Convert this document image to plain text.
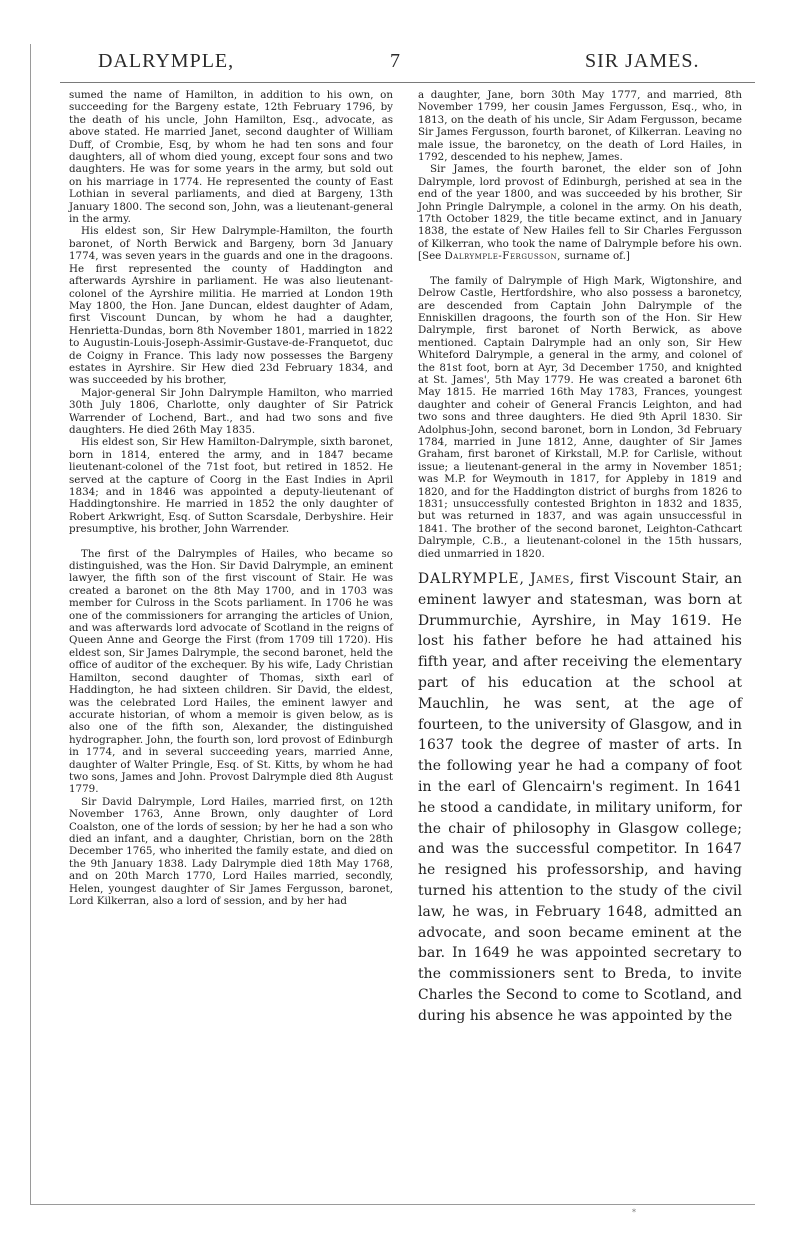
DALRYMPLE,	7	SIR JAMES.

sumed the name of Hamilton, in addition to his own, on succeeding for the Bargeny estate, 12th February 1796, by the death of his uncle, John Hamilton, Esq., advocate, as above stated. He married Janet, second daughter of William Duff, of Crombie, Esq, by whom he had ten sons and four daughters, all of whom died young, except four sons and two daughters. He was for some years in the army, but sold out on his marriage in 1774. He represented the county of East Lothian in several parliaments, and died at Bargeny, 13th January 1800. The second son, John, was a lieutenant-general in the army.

His eldest son, Sir Hew Dalrymple-Hamilton, the fourth baronet, of North Berwick and Bargeny, born 3d January 1774, was seven years in the guards and one in the dragoons. He first represented the county of Haddington and afterwards Ayrshire in parliament. He was also lieutenant-colonel of the Ayrshire militia. He married at London 19th May 1800, the Hon. Jane Duncan, eldest daughter of Adam, first Viscount Duncan, by whom he had a daughter, Henrietta-Dundas, born 8th November 1801, married in 1822 to Augustin-Louis-Joseph-Assimir-Gustave-de-Franquetot, duc de Coigny in France. This lady now possesses the Bargeny estates in Ayrshire. Sir Hew died 23d February 1834, and was succeeded by his brother,

Major-general Sir John Dalrymple Hamilton, who married 30th July 1806, Charlotte, only daughter of Sir Patrick Warrender of Lochend, Bart., and had two sons and five daughters. He died 26th May 1835.

His eldest son, Sir Hew Hamilton-Dalrymple, sixth baronet, born in 1814, entered the army, and in 1847 became lieutenant-colonel of the 71st foot, but retired in 1852. He served at the capture of Coorg in the East Indies in April 1834; and in 1846 was appointed a deputy-lieutenant of Haddingtonshire. He married in 1852 the only daughter of Robert Arkwright, Esq. of Sutton Scarsdale, Derbyshire. Heir presumptive, his brother, John Warrender.

The first of the Dalrymples of Hailes, who became so distinguished, was the Hon. Sir David Dalrymple, an eminent lawyer, the fifth son of the first viscount of Stair. He was created a baronet on the 8th May 1700, and in 1703 was member for Culross in the Scots parliament. In 1706 he was one of the commissioners for arranging the articles of Union, and was afterwards lord advocate of Scotland in the reigns of Queen Anne and George the First (from 1709 till 1720). His eldest son, Sir James Dalrymple, the second baronet, held the office of auditor of the exchequer. By his wife, Lady Christian Hamilton, second daughter of Thomas, sixth earl of Haddington, he had sixteen children. Sir David, the eldest, was the celebrated Lord Hailes, the eminent lawyer and accurate historian, of whom a memoir is given below, as is also one of the fifth son, Alexander, the distinguished hydrographer. John, the fourth son, lord provost of Edinburgh in 1774, and in several succeeding years, married Anne, daughter of Walter Pringle, Esq. of St. Kitts, by whom he had two sons, James and John. Provost Dalrymple died 8th August 1779.

Sir David Dalrymple, Lord Hailes, married first, on 12th November 1763, Anne Brown, only daughter of Lord Coalston, one of the lords of session; by her he had a son who died an infant, and a daughter, Christian, born on the 28th December 1765, who inherited the family estate, and died on the 9th January 1838. Lady Dalrymple died 18th May 1768, and on 20th March 1770, Lord Hailes married, secondly, Helen, youngest daughter of Sir James Fergusson, baronet, Lord Kilkerran, also a lord of session, and by her had

a daughter, Jane, born 30th May 1777, and married, 8th November 1799, her cousin James Fergusson, Esq., who, in 1813, on the death of his uncle, Sir Adam Fergusson, became Sir James Fergusson, fourth baronet, of Kilkerran. Leaving no male issue, the baronetcy, on the death of Lord Hailes, in 1792, descended to his nephew, James.

Sir James, the fourth baronet, the elder son of John Dalrymple, lord provost of Edinburgh, perished at sea in the end of the year 1800, and was succeeded by his brother, Sir John Pringle Dalrymple, a colonel in the army. On his death, 17th October 1829, the title became extinct, and in January 1838, the estate of New Hailes fell to Sir Charles Fergusson of Kilkerran, who took the name of Dalrymple before his own. [See Dalrymple-Fergusson, surname of.]

The family of Dalrymple of High Mark, Wigtonshire, and Delrow Castle, Hertfordshire, who also possess a baronetcy, are descended from Captain John Dalrymple of the Enniskillen dragoons, the fourth son of the Hon. Sir Hew Dalrymple, first baronet of North Berwick, as above mentioned. Captain Dalrymple had an only son, Sir Hew Whiteford Dalrymple, a general in the army, and colonel of the 81st foot, born at Ayr, 3d December 1750, and knighted at St. James', 5th May 1779. He was created a baronet 6th May 1815. He married 16th May 1783, Frances, youngest daughter and coheir of General Francis Leighton, and had two sons and three daughters. He died 9th April 1830. Sir Adolphus-John, second baronet, born in London, 3d February 1784, married in June 1812, Anne, daughter of Sir James Graham, first baronet of Kirkstall, M.P. for Carlisle, without issue; a lieutenant-general in the army in November 1851; was M.P. for Weymouth in 1817, for Appleby in 1819 and 1820, and for the Haddington district of burghs from 1826 to 1831; unsuccessfully contested Brighton in 1832 and 1835, but was returned in 1837, and was again unsuccessful in 1841. The brother of the second baronet, Leighton-Cathcart Dalrymple, C.B., a lieutenant-colonel in the 15th hussars, died unmarried in 1820.

DALRYMPLE, James, first Viscount Stair, an eminent lawyer and statesman, was born at Drummurchie, Ayrshire, in May 1619. He lost his father before he had attained his fifth year, and after receiving the elementary part of his education at the school at Mauchlin, he was sent, at the age of fourteen, to the university of Glasgow, and in 1637 took the degree of master of arts. In the following year he had a company of foot in the earl of Glencairn's regiment. In 1641 he stood a candidate, in military uniform, for the chair of philosophy in Glasgow college; and was the successful competitor. In 1647 he resigned his professorship, and having turned his attention to the study of the civil law, he was, in February 1648, admitted an advocate, and soon became eminent at the bar. In 1649 he was appointed secretary to the commissioners sent to Breda, to invite Charles the Second to come to Scotland, and during his absence he was appointed by the

*
